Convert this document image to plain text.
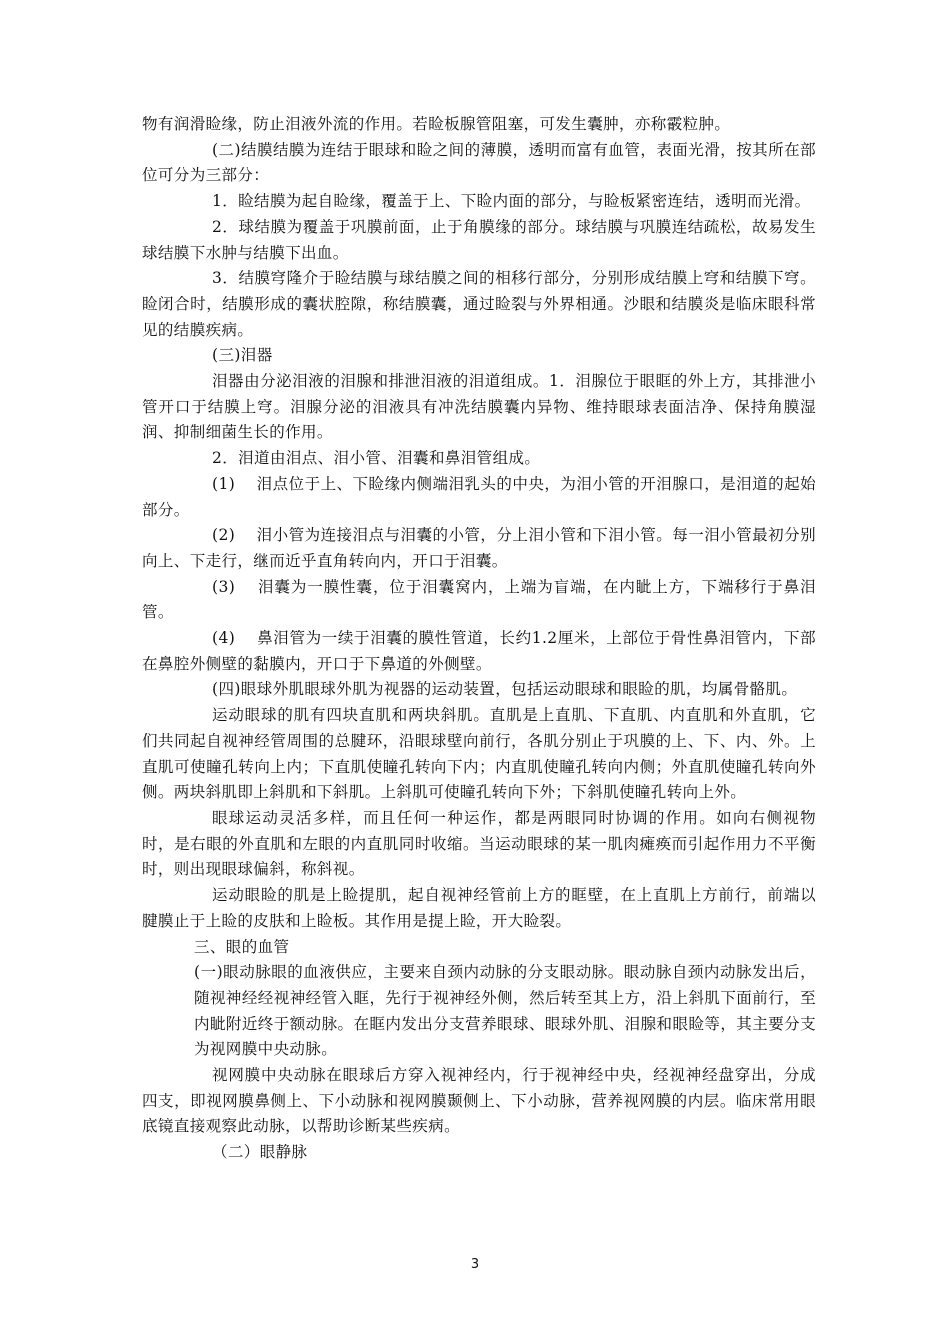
物有润滑睑缘，防止泪液外流的作用。若睑板腺管阻塞，可发生囊肿，亦称霰粒肿。

(二)结膜结膜为连结于眼球和睑之间的薄膜，透明而富有血管，表面光滑，按其所在部位可分为三部分：

1．睑结膜为起自睑缘，覆盖于上、下睑内面的部分，与睑板紧密连结，透明而光滑。

2．球结膜为覆盖于巩膜前面，止于角膜缘的部分。球结膜与巩膜连结疏松，故易发生球结膜下水肿与结膜下出血。

3．结膜穹隆介于睑结膜与球结膜之间的相移行部分，分别形成结膜上穹和结膜下穹。睑闭合时，结膜形成的囊状腔隙，称结膜囊，通过睑裂与外界相通。沙眼和结膜炎是临床眼科常见的结膜疾病。

(三)泪器

泪器由分泌泪液的泪腺和排泄泪液的泪道组成。1．泪腺位于眼眶的外上方，其排泄小管开口于结膜上穹。泪腺分泌的泪液具有冲洗结膜囊内异物、维持眼球表面洁净、保持角膜湿润、抑制细菌生长的作用。

2．泪道由泪点、泪小管、泪囊和鼻泪管组成。

(1)　 泪点位于上、下睑缘内侧端泪乳头的中央，为泪小管的开泪腺口，是泪道的起始部分。

(2)　 泪小管为连接泪点与泪囊的小管，分上泪小管和下泪小管。每一泪小管最初分别向上、下走行，继而近乎直角转向内，开口于泪囊。

(3)　 泪囊为一膜性囊，位于泪囊窝内，上端为盲端，在内眦上方，下端移行于鼻泪管。

(4)　 鼻泪管为一续于泪囊的膜性管道，长约1.2厘米，上部位于骨性鼻泪管内，下部在鼻腔外侧壁的黏膜内，开口于下鼻道的外侧壁。

(四)眼球外肌眼球外肌为视器的运动装置，包括运动眼球和眼睑的肌，均属骨骼肌。

运动眼球的肌有四块直肌和两块斜肌。直肌是上直肌、下直肌、内直肌和外直肌，它们共同起自视神经管周围的总腱环，沿眼球壁向前行，各肌分别止于巩膜的上、下、内、外。上直肌可使瞳孔转向上内；下直肌使瞳孔转向下内；内直肌使瞳孔转向内侧；外直肌使瞳孔转向外侧。两块斜肌即上斜肌和下斜肌。上斜肌可使瞳孔转向下外；下斜肌使瞳孔转向上外。

眼球运动灵活多样，而且任何一种运作，都是两眼同时协调的作用。如向右侧视物时，是右眼的外直肌和左眼的内直肌同时收缩。当运动眼球的某一肌肉瘫痪而引起作用力不平衡时，则出现眼球偏斜，称斜视。

运动眼睑的肌是上睑提肌，起自视神经管前上方的眶壁，在上直肌上方前行，前端以腱膜止于上睑的皮肤和上睑板。其作用是提上睑，开大睑裂。

三、眼的血管

(一)眼动脉眼的血液供应，主要来自颈内动脉的分支眼动脉。眼动脉自颈内动脉发出后，随视神经经视神经管入眶，先行于视神经外侧，然后转至其上方，沿上斜肌下面前行，至内眦附近终于额动脉。在眶内发出分支营养眼球、眼球外肌、泪腺和眼睑等，其主要分支为视网膜中央动脉。

视网膜中央动脉在眼球后方穿入视神经内，行于视神经中央，经视神经盘穿出，分成四支，即视网膜鼻侧上、下小动脉和视网膜颞侧上、下小动脉，营养视网膜的内层。临床常用眼底镜直接观察此动脉，以帮助诊断某些疾病。

（二）眼静脉

3
